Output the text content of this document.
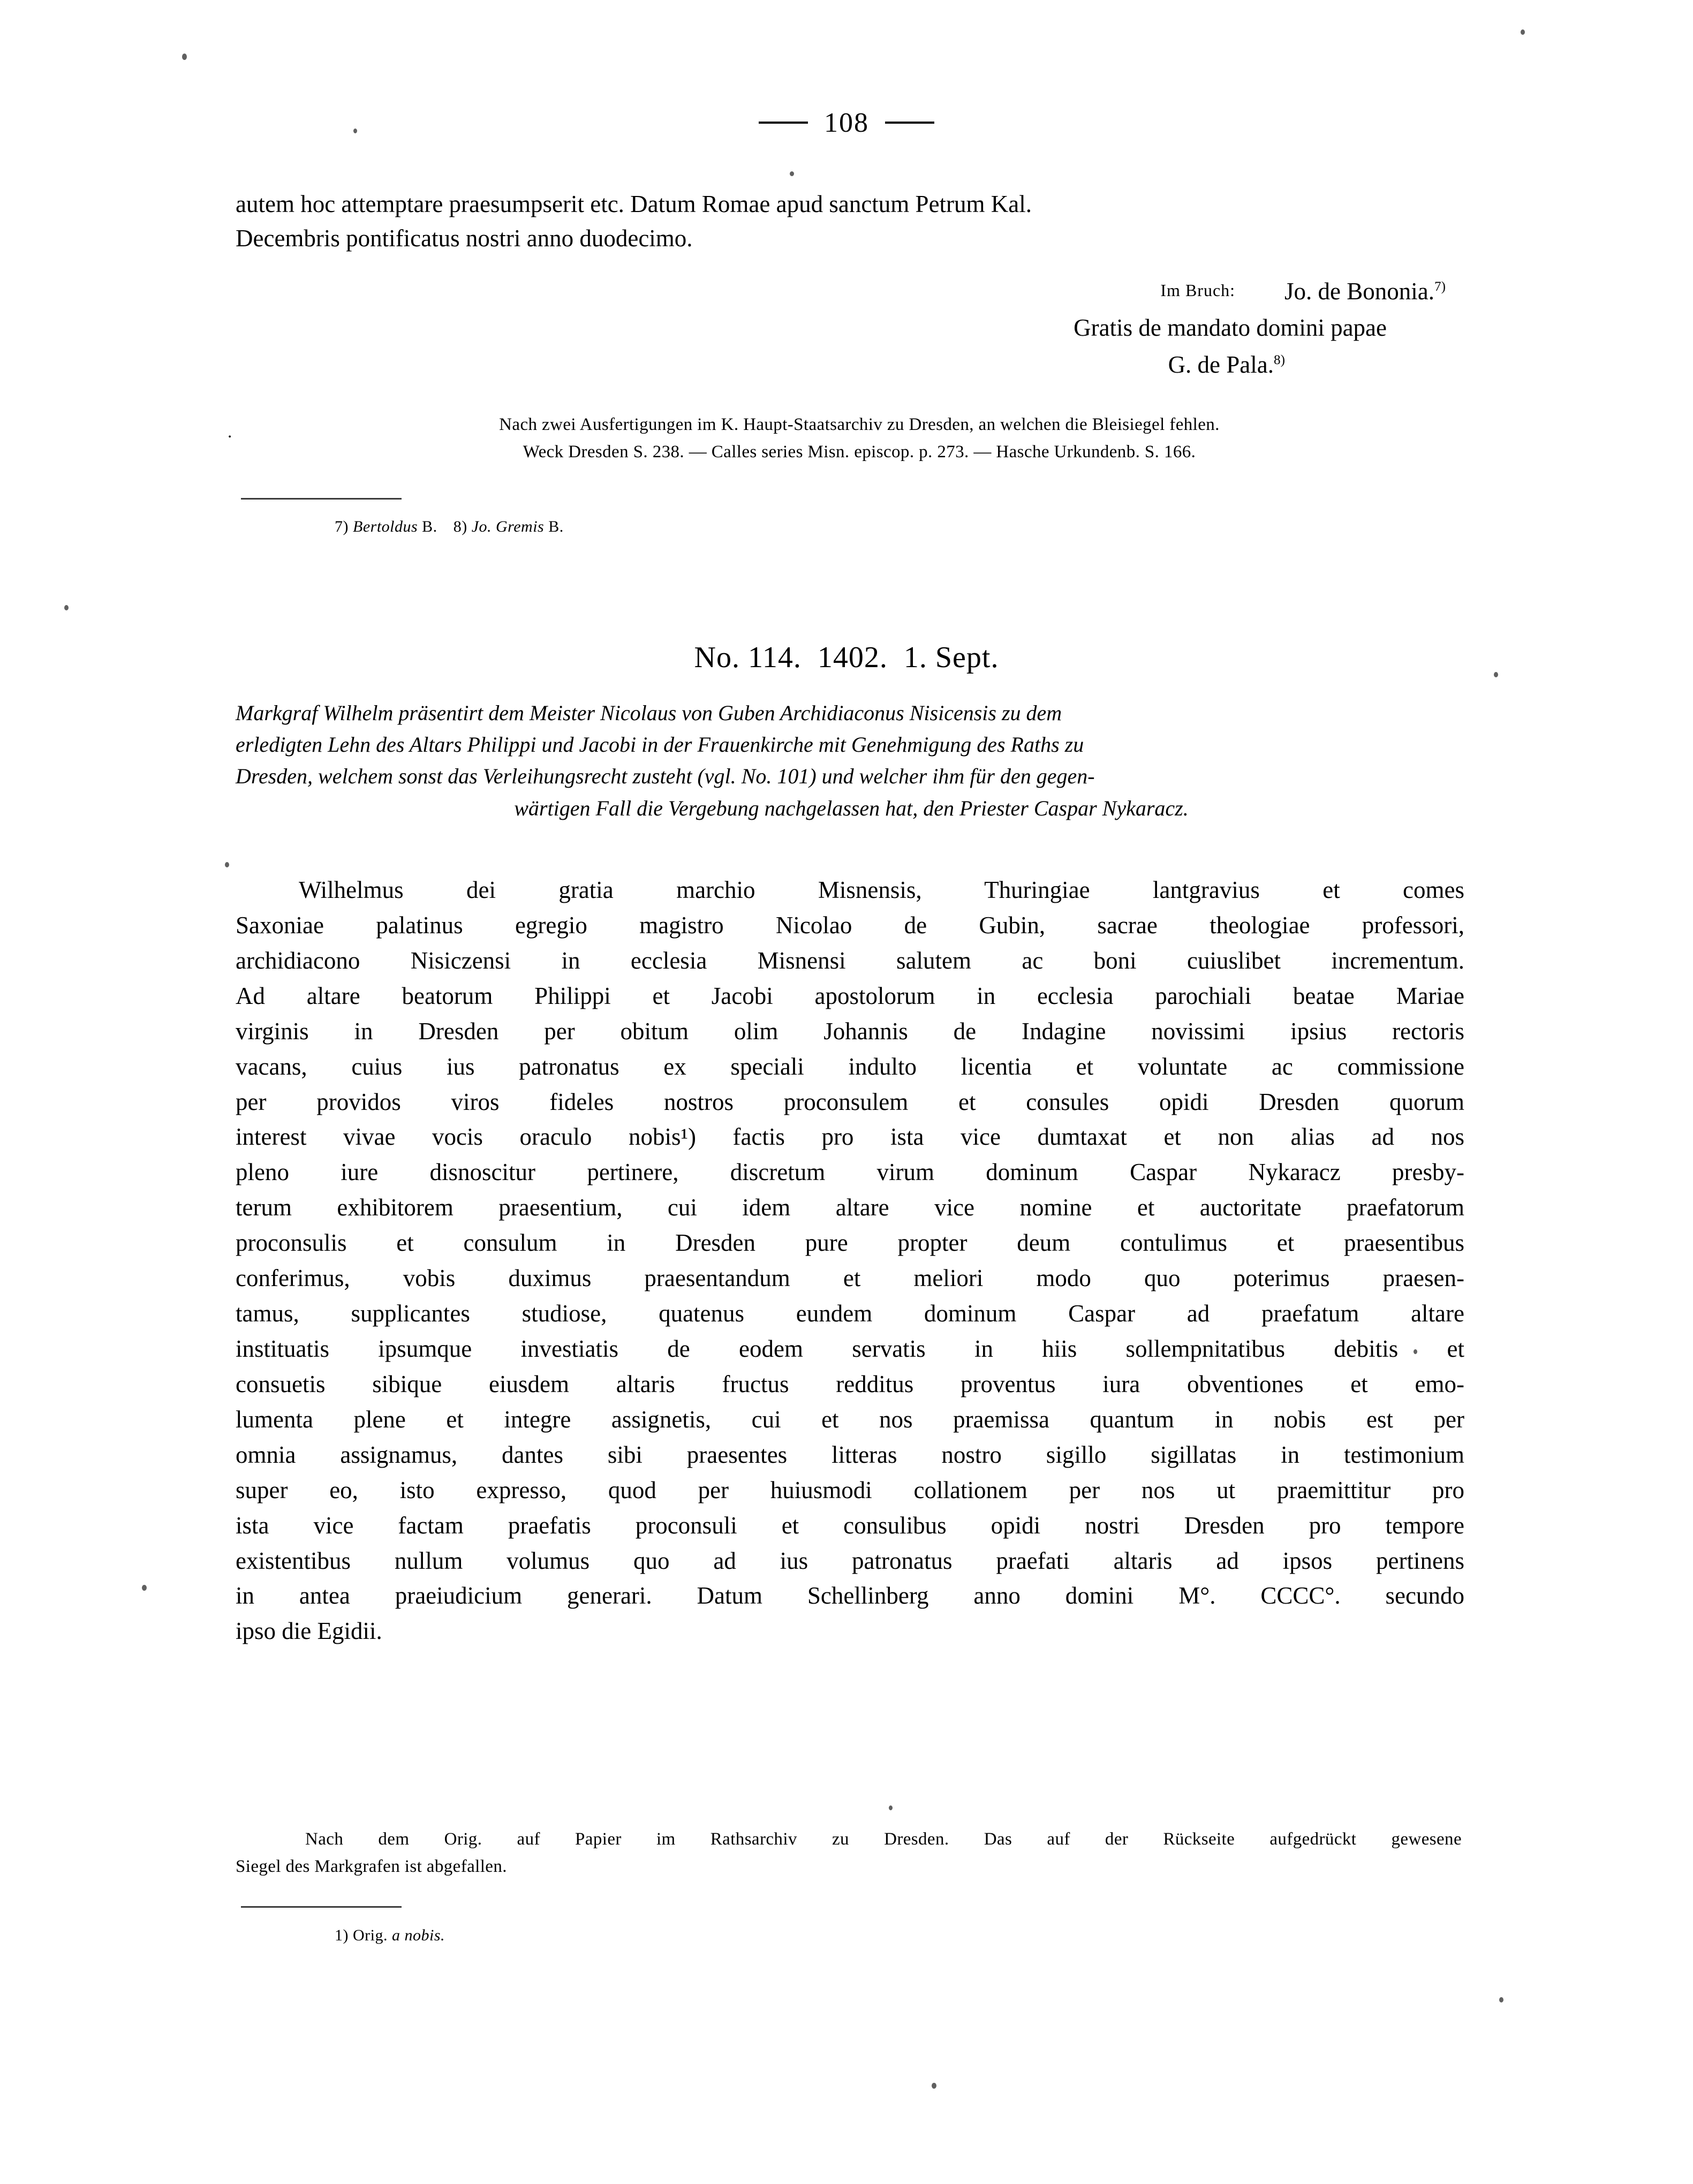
108
autem hoc attemptare praesumpserit etc. Datum Romae apud sanctum Petrum Kal.
Decembris pontificatus nostri anno duodecimo.
Im Bruch: Jo. de Bononia.$^{7)}$
Gratis de mandato domini papae
G. de Pala.$^{8)}$
.	Nach zwei Ausfertigungen im K. Haupt-Staatsarchiv zu Dresden, an welchen die Bleisiegel fehlen.
Weck Dresden S. 238. — Calles series Misn. episcop. p. 273. — Hasche Urkundenb. S. 166.
7) Bertoldus B. 8) Jo. Gremis B.
No. 114. 1402. 1. Sept.
Markgraf Wilhelm präsentirt dem Meister Nicolaus von Guben Archidiaconus Nisicensis zu dem
erledigten Lehn des Altars Philippi und Jacobi in der Frauenkirche mit Genehmigung des Raths zu
Dresden, welchem sonst das Verleihungsrecht zusteht (vgl. No. 101) und welcher ihm für den gegen-
wärtigen Fall die Vergebung nachgelassen hat, den Priester Caspar Nykaracz.
Wilhelmus dei gratia marchio Misnensis, Thuringiae lantgravius et comes
Saxoniae palatinus egregio magistro Nicolao de Gubin, sacrae theologiae professori,
archidiacono Nisiczensi in ecclesia Misnensi salutem ac boni cuiuslibet incrementum.
Ad altare beatorum Philippi et Jacobi apostolorum in ecclesia parochiali beatae Mariae
virginis in Dresden per obitum olim Johannis de Indagine novissimi ipsius rectoris
vacans, cuius ius patronatus ex speciali indulto licentia et voluntate ac commissione
per providos viros fideles nostros proconsulem et consules opidi Dresden quorum
interest vivae vocis oraculo nobis¹) factis pro ista vice dumtaxat et non alias ad nos
pleno iure disnoscitur pertinere, discretum virum dominum Caspar Nykaracz presby-
terum exhibitorem praesentium, cui idem altare vice nomine et auctoritate praefatorum
proconsulis et consulum in Dresden pure propter deum contulimus et praesentibus
conferimus, vobis duximus praesentandum et meliori modo quo poterimus praesen-
tamus, supplicantes studiose, quatenus eundem dominum Caspar ad praefatum altare
instituatis ipsumque investiatis de eodem servatis in hiis sollempnitatibus debitis et
consuetis sibique eiusdem altaris fructus redditus proventus iura obventiones et emo-
lumenta plene et integre assignetis, cui et nos praemissa quantum in nobis est per
omnia assignamus, dantes sibi praesentes litteras nostro sigillo sigillatas in testimonium
super eo, isto expresso, quod per huiusmodi collationem per nos ut praemittitur pro
ista vice factam praefatis proconsuli et consulibus opidi nostri Dresden pro tempore
existentibus nullum volumus quo ad ius patronatus praefati altaris ad ipsos pertinens
in antea praeiudicium generari. Datum Schellinberg anno domini M°. CCCC°. secundo
ipso die Egidii.
Nach dem Orig. auf Papier im Rathsarchiv zu Dresden. Das auf der Rückseite aufgedrückt gewesene
Siegel des Markgrafen ist abgefallen.
1) Orig. a nobis.
